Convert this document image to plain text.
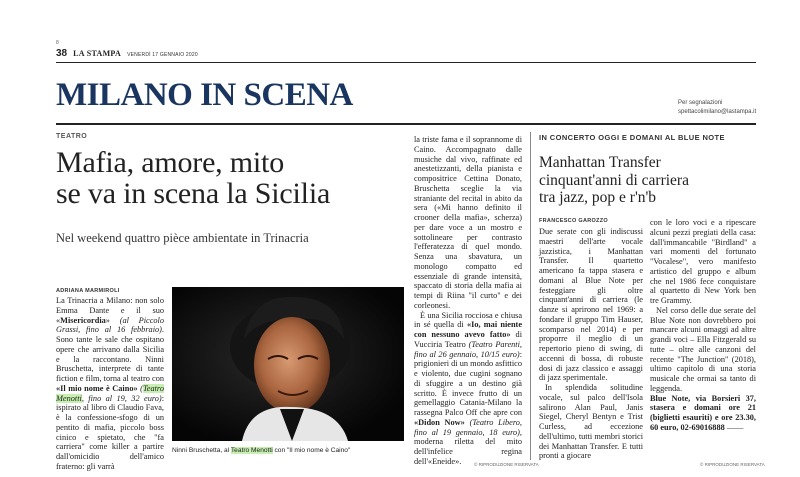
8
38 LA STAMPA VENERDÌ 17 GENNAIO 2020
MILANO IN SCENA	Per segnalazioni
spettacolimilano@lastampa.it
TEATRO
Mafia, amore, mito
se va in scena la Sicilia
Nel weekend quattro pièce ambientate in Trinacria
ADRIANA MARMIROLI

La Trinacria a Milano: non solo Emma Dante e il suo «Misericordia» (al Piccolo Grassi, fino al 16 febbraio). Sono tante le sale che ospitano opere che arrivano dalla Sicilia e la raccontano. Ninni Bruschetta, interprete di tante fiction e film, torna al teatro con «Il mio nome è Caino» (Teatro Menotti, fino al 19, 32 euro): ispirato al libro di Claudio Fava, è la confessione-sfogo di un pentito di mafia, piccolo boss cinico e spietato, che "fa carriera" come killer a partire dall'omicidio dell'amico fraterno: gli varrà

Ninni Bruschetta, al Teatro Menotti con "Il mio nome è Caino"

la triste fama e il soprannome di Caino. Accompagnato dalle musiche dal vivo, raffinate ed anestetizzanti, della pianista e compositrice Cettina Donato, Bruschetta sceglie la via straniante del recital in abito da sera («Mi hanno definito il crooner della mafia», scherza) per dare voce a un mostro e sottolineare per contrasto l'efferatezza di quel mondo. Senza una sbavatura, un monologo compatto ed essenziale di grande intensità, spaccato di storia della mafia ai tempi di Riina "il curto" e dei corleonesi.

È una Sicilia rocciosa e chiusa in sé quella di «Io, mai niente con nessuno avevo fatto» di Vucciria Teatro (Teatro Parenti, fino al 26 gennaio, 10/15 euro): prigionieri di un mondo asfittico e violento, due cugini sognano di sfuggire a un destino già scritto. È invece frutto di un gemellaggio Catania-Milano la rassegna Palco Off che apre con «Didon Now» (Teatro Libero, fino al 19 gennaio, 18 euro), moderna riletta del mito dell'infelice regina dell'«Eneide».	© RIPRODUZIONE RISERVATA
IN CONCERTO OGGI E DOMANI AL BLUE NOTE
Manhattan Transfer
cinquant'anni di carriera
tra jazz, pop e r'n'b
FRANCESCO GAROZZO

Due serate con gli indiscussi maestri dell'arte vocale jazzistica, i Manhattan Transfer. Il quartetto americano fa tappa stasera e domani al Blue Note per festeggiare gli oltre cinquant'anni di carriera (le danze si aprirono nel 1969: a fondare il gruppo Tim Hauser, scomparso nel 2014) e per proporre il meglio di un repertorio pieno di swing, di accenni di bossa, di robuste dosi di jazz classico e assaggi di jazz sperimentale.

In splendida solitudine vocale, sul palco dell'Isola salirono Alan Paul, Janis Siegel, Cheryl Bentyn e Trist Curless, ad eccezione dell'ultimo, tutti membri storici dei Manhattan Transfer. E tutti pronti a giocare

con le loro voci e a ripescare alcuni pezzi pregiati della casa: dall'immancabile "Birdland" a vari momenti del fortunato "Vocalese", vero manifesto artistico del gruppo e album che nel 1986 fece conquistare al quartetto di New York ben tre Grammy.

Nel corso delle due serate del Blue Note non dovrebbero poi mancare alcuni omaggi ad altre grandi voci – Ella Fitzgerald su tutte – oltre alle canzoni del recente "The Junction" (2018), ultimo capitolo di una storia musicale che ormai sa tanto di leggenda.

Blue Note, via Borsieri 37, stasera e domani ore 21 (biglietti esauriti) e ore 23.30, 60 euro, 02-69016888 ——

© RIPRODUZIONE RISERVATA
